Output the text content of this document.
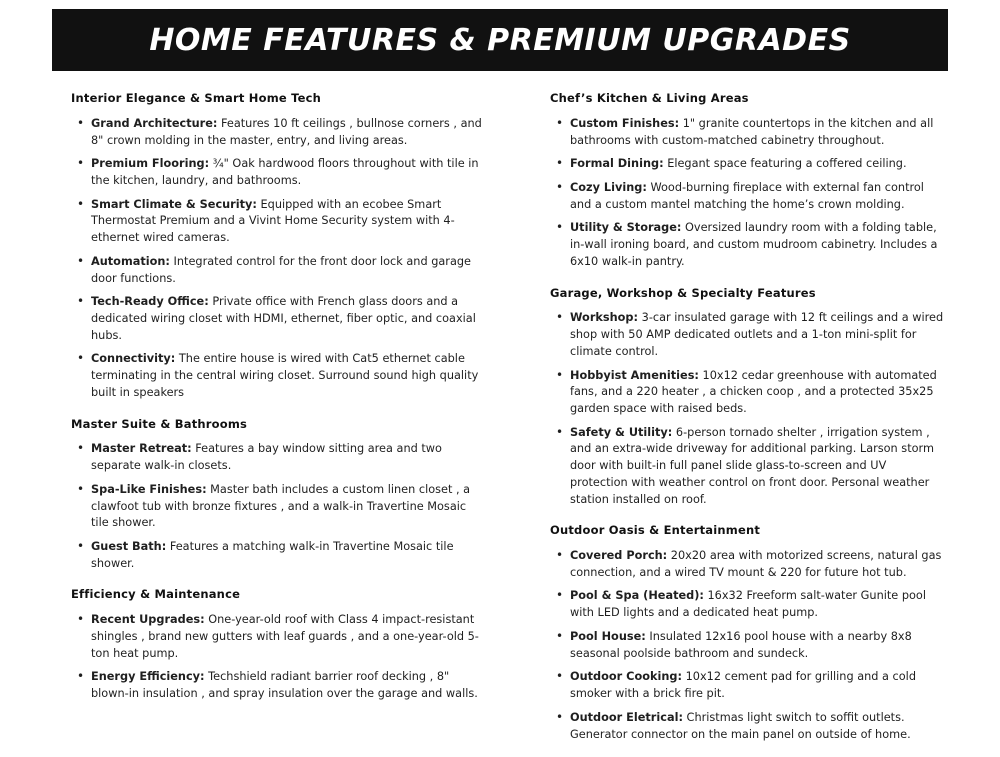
HOME FEATURES & PREMIUM UPGRADES
Interior Elegance & Smart Home Tech
• Grand Architecture: Features 10 ft ceilings , bullnose corners , and 8" crown molding in the master, entry, and living areas.
• Premium Flooring: ¾" Oak hardwood floors throughout with tile in the kitchen, laundry, and bathrooms.
• Smart Climate & Security: Equipped with an ecobee Smart Thermostat Premium and a Vivint Home Security system with 4-ethernet wired cameras.
• Automation: Integrated control for the front door lock and garage door functions.
• Tech-Ready Office: Private office with French glass doors and a dedicated wiring closet with HDMI, ethernet, fiber optic, and coaxial hubs.
• Connectivity: The entire house is wired with Cat5 ethernet cable terminating in the central wiring closet. Surround sound high quality built in speakers
Master Suite & Bathrooms
• Master Retreat: Features a bay window sitting area and two separate walk-in closets.
• Spa-Like Finishes: Master bath includes a custom linen closet , a clawfoot tub with bronze fixtures , and a walk-in Travertine Mosaic tile shower.
• Guest Bath: Features a matching walk-in Travertine Mosaic tile shower.
Efficiency & Maintenance
• Recent Upgrades: One-year-old roof with Class 4 impact-resistant shingles , brand new gutters with leaf guards , and a one-year-old 5-ton heat pump.
• Energy Efficiency: Techshield radiant barrier roof decking , 8" blown-in insulation , and spray insulation over the garage and walls.
Chef’s Kitchen & Living Areas
• Custom Finishes: 1" granite countertops in the kitchen and all bathrooms with custom-matched cabinetry throughout.
• Formal Dining: Elegant space featuring a coffered ceiling.
• Cozy Living: Wood-burning fireplace with external fan control and a custom mantel matching the home’s crown molding.
• Utility & Storage: Oversized laundry room with a folding table, in-wall ironing board, and custom mudroom cabinetry. Includes a 6x10 walk-in pantry.
Garage, Workshop & Specialty Features
• Workshop: 3-car insulated garage with 12 ft ceilings and a wired shop with 50 AMP dedicated outlets and a 1-ton mini-split for climate control.
• Hobbyist Amenities: 10x12 cedar greenhouse with automated fans, and a 220 heater , a chicken coop , and a protected 35x25 garden space with raised beds.
• Safety & Utility: 6-person tornado shelter , irrigation system , and an extra-wide driveway for additional parking. Larson storm door with built-in full panel slide glass-to-screen and UV protection with weather control on front door. Personal weather station installed on roof.
Outdoor Oasis & Entertainment
• Covered Porch: 20x20 area with motorized screens, natural gas connection, and a wired TV mount & 220 for future hot tub.
• Pool & Spa (Heated): 16x32 Freeform salt-water Gunite pool with LED lights and a dedicated heat pump.
• Pool House: Insulated 12x16 pool house with a nearby 8x8 seasonal poolside bathroom and sundeck.
• Outdoor Cooking: 10x12 cement pad for grilling and a cold smoker with a brick fire pit.
• Outdoor Eletrical: Christmas light switch to soffit outlets. Generator connector on the main panel on outside of home.
